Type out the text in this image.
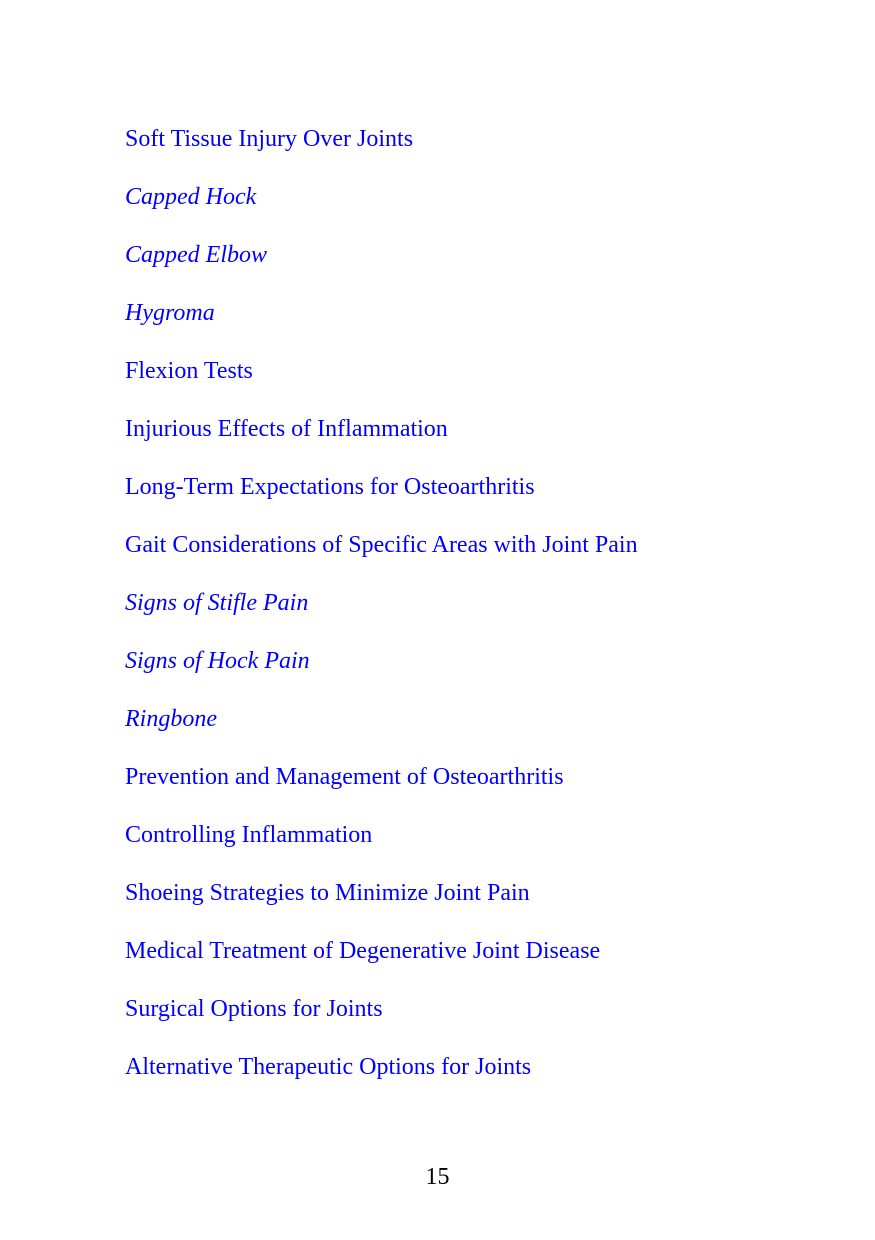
Soft Tissue Injury Over Joints
Capped Hock
Capped Elbow
Hygroma
Flexion Tests
Injurious Effects of Inflammation
Long-Term Expectations for Osteoarthritis
Gait Considerations of Specific Areas with Joint Pain
Signs of Stifle Pain
Signs of Hock Pain
Ringbone
Prevention and Management of Osteoarthritis
Controlling Inflammation
Shoeing Strategies to Minimize Joint Pain
Medical Treatment of Degenerative Joint Disease
Surgical Options for Joints
Alternative Therapeutic Options for Joints
15
